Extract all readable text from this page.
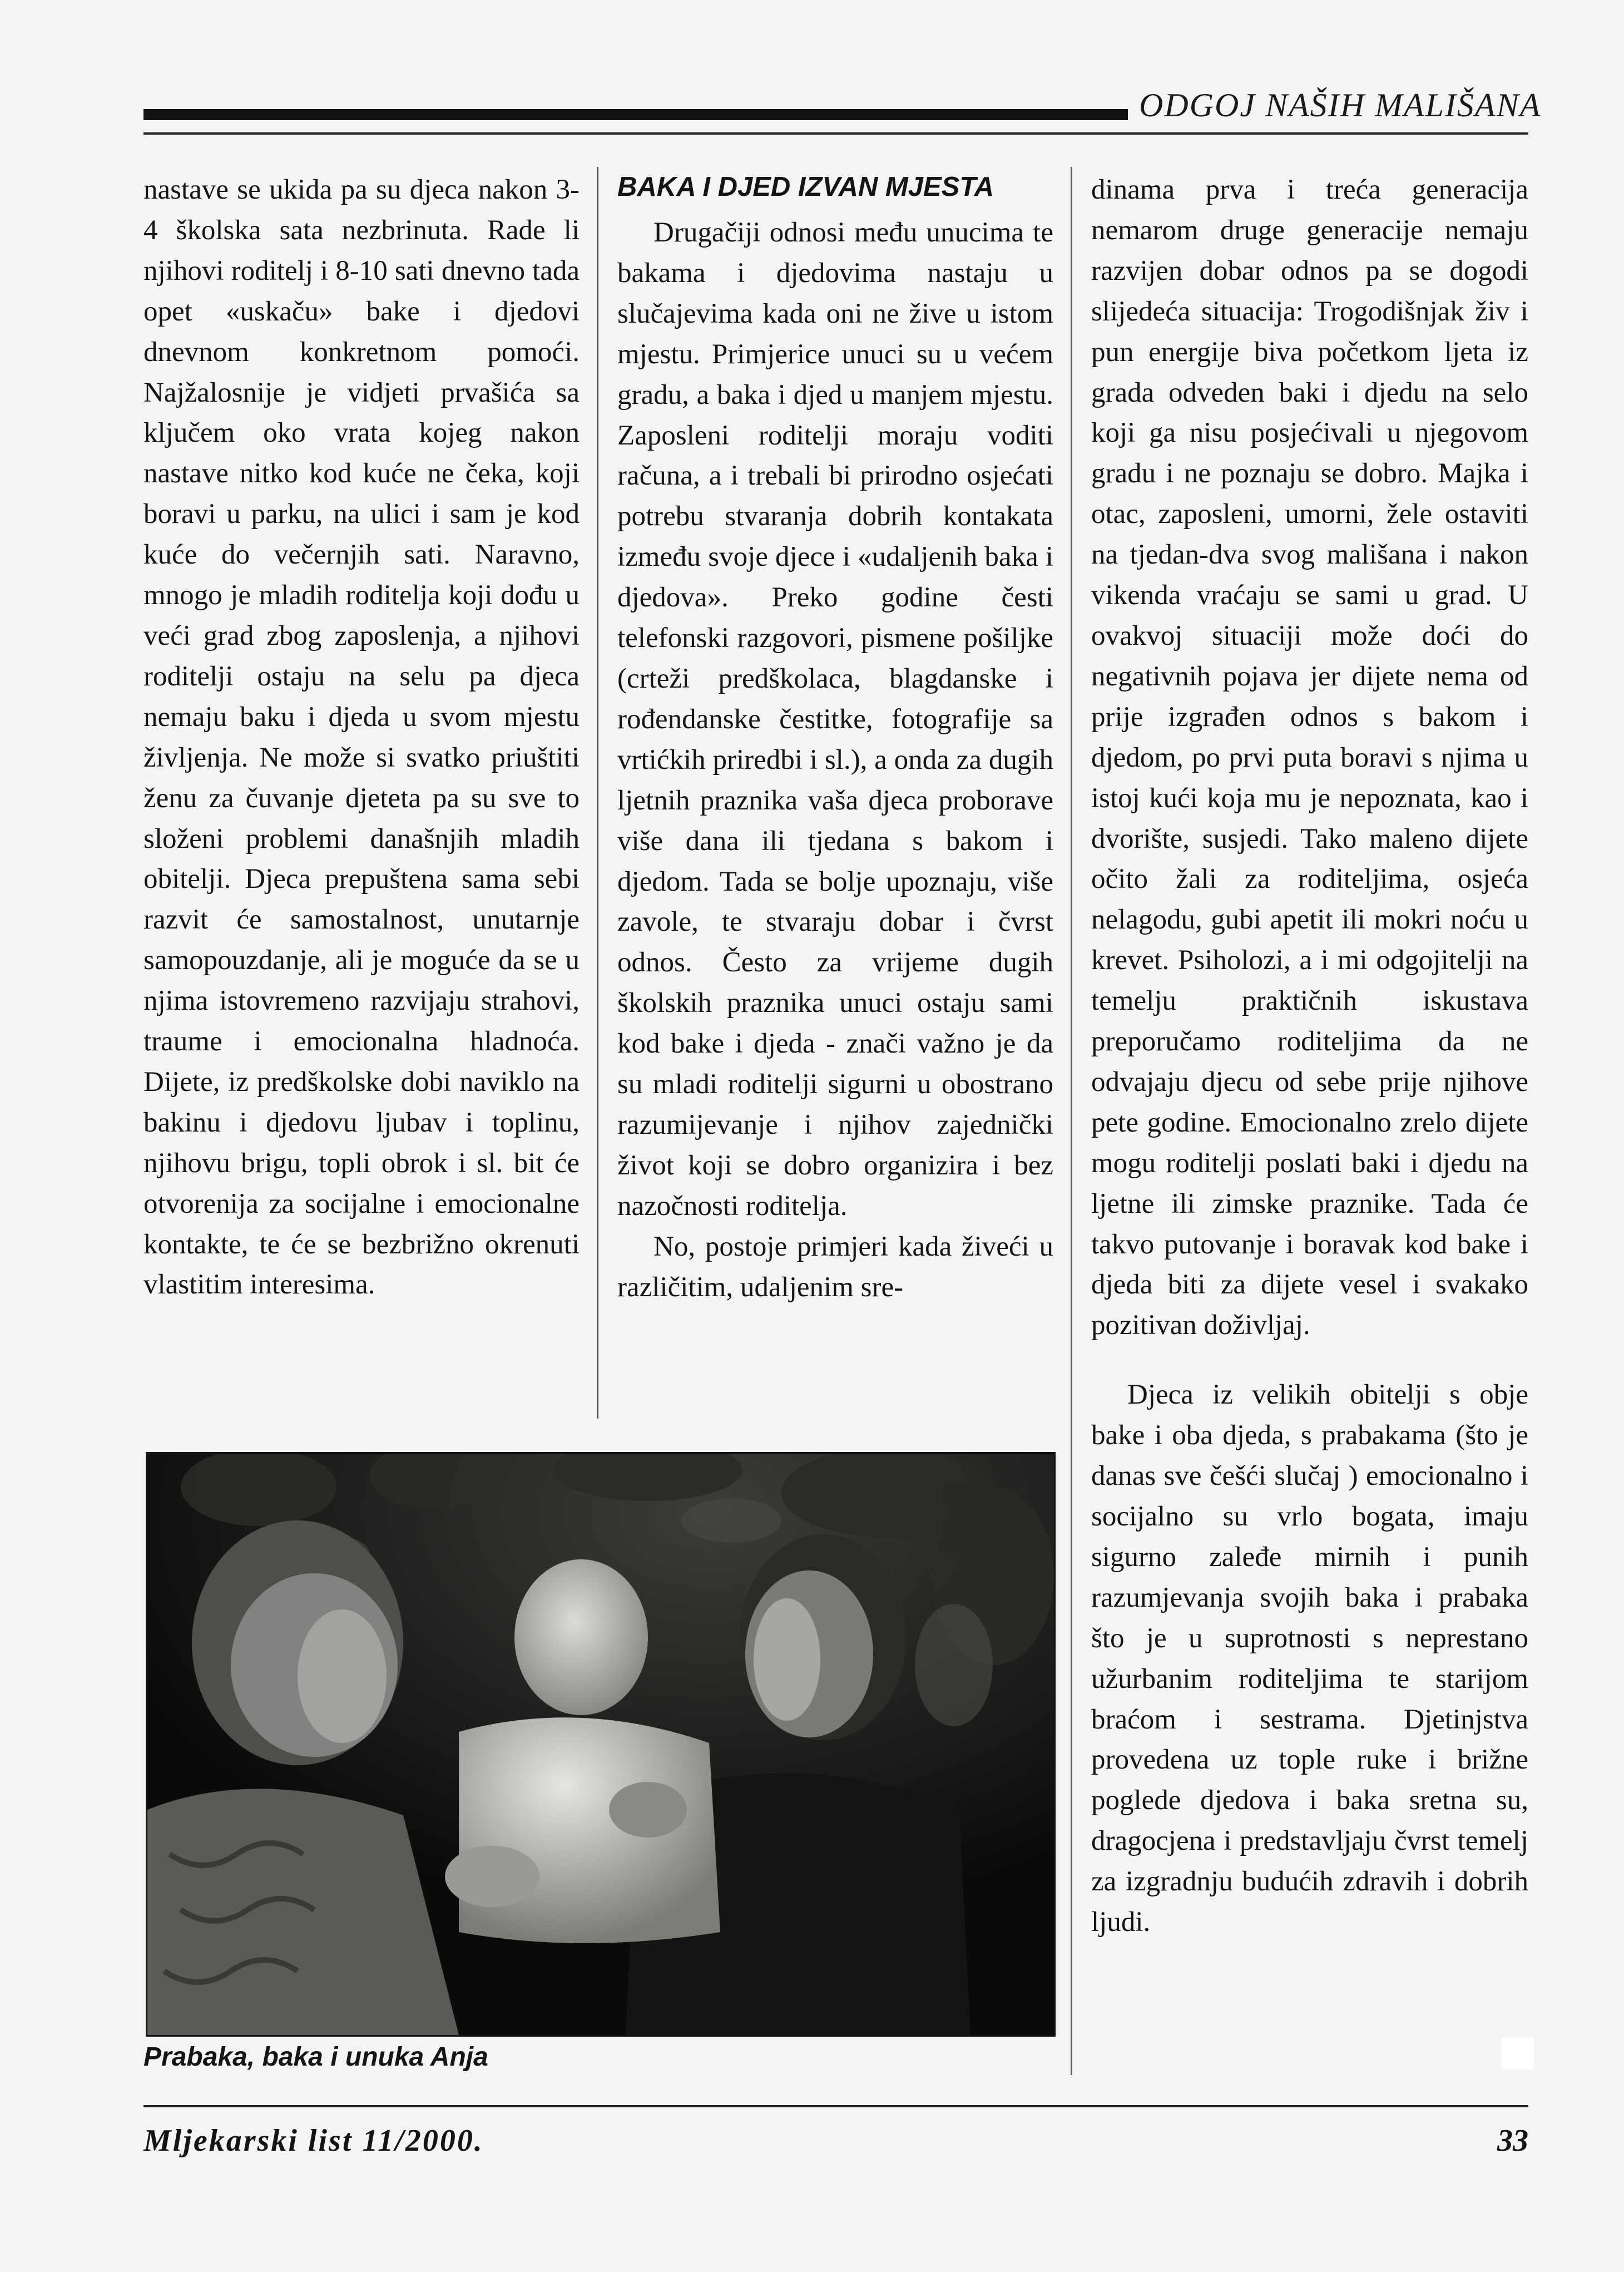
ODGOJ NAŠIH MALIŠANA

nastave se ukida pa su djeca nakon 3-4 školska sata nezbrinuta. Rade li njihovi roditelj i 8-10 sati dnevno tada opet «uskaču» bake i djedovi dnevnom konkretnom pomoći. Najžalosnije je vidjeti prvašića sa ključem oko vrata kojeg nakon nastave nitko kod kuće ne čeka, koji boravi u parku, na ulici i sam je kod kuće do večernjih sati. Naravno, mnogo je mladih roditelja koji dođu u veći grad zbog zaposlenja, a njihovi roditelji ostaju na selu pa djeca nemaju baku i djeda u svom mjestu življenja. Ne može si svatko priuštiti ženu za čuvanje djeteta pa su sve to složeni problemi današnjih mladih obitelji. Djeca prepuštena sama sebi razvit će samostalnost, unutarnje samopouzdanje, ali je moguće da se u njima istovremeno razvijaju strahovi, traume i emocionalna hladnoća. Dijete, iz predškolske dobi naviklo na bakinu i djedovu ljubav i toplinu, njihovu brigu, topli obrok i sl. bit će otvorenija za socijalne i emocionalne kontakte, te će se bezbrižno okrenuti vlastitim interesima.

BAKA I DJED IZVAN MJESTA

Drugačiji odnosi među unucima te bakama i djedovima nastaju u slučajevima kada oni ne žive u istom mjestu. Primjerice unuci su u većem gradu, a baka i djed u manjem mjestu. Zaposleni roditelji moraju voditi računa, a i trebali bi prirodno osjećati potrebu stvaranja dobrih kontakata između svoje djece i «udaljenih baka i djedova». Preko godine česti telefonski razgovori, pismene pošiljke (crteži predškolaca, blagdanske i rođendanske čestitke, fotografije sa vrtićkih priredbi i sl.), a onda za dugih ljetnih praznika vaša djeca proborave više dana ili tjedana s bakom i djedom. Tada se bolje upoznaju, više zavole, te stvaraju dobar i čvrst odnos. Često za vrijeme dugih školskih praznika unuci ostaju sami kod bake i djeda - znači važno je da su mladi roditelji sigurni u obostrano razumijevanje i njihov zajednički život koji se dobro organizira i bez nazočnosti roditelja.

No, postoje primjeri kada živeći u različitim, udaljenim sre-

dinama prva i treća generacija nemarom druge generacije nemaju razvijen dobar odnos pa se dogodi slijedeća situacija: Trogodišnjak živ i pun energije biva početkom ljeta iz grada odveden baki i djedu na selo koji ga nisu posjećivali u njegovom gradu i ne poznaju se dobro. Majka i otac, zaposleni, umorni, žele ostaviti na tjedan-dva svog mališana i nakon vikenda vraćaju se sami u grad. U ovakvoj situaciji može doći do negativnih pojava jer dijete nema od prije izgrađen odnos s bakom i djedom, po prvi puta boravi s njima u istoj kući koja mu je nepoznata, kao i dvorište, susjedi. Tako maleno dijete očito žali za roditeljima, osjeća nelagodu, gubi apetit ili mokri noću u krevet. Psiholozi, a i mi odgojitelji na temelju praktičnih iskustava preporučamo roditeljima da ne odvajaju djecu od sebe prije njihove pete godine. Emocionalno zrelo dijete mogu roditelji poslati baki i djedu na ljetne ili zimske praznike. Tada će takvo putovanje i boravak kod bake i djeda biti za dijete vesel i svakako pozitivan doživljaj.

Djeca iz velikih obitelji s obje bake i oba djeda, s prabakama (što je danas sve češći slučaj ) emocionalno i socijalno su vrlo bogata, imaju sigurno zaleđe mirnih i punih razumjevanja svojih baka i prabaka što je u suprotnosti s neprestano užurbanim roditeljima te starijom braćom i sestrama. Djetinjstva provedena uz tople ruke i brižne poglede djedova i baka sretna su, dragocjena i predstavljaju čvrst temelj za izgradnju budućih zdravih i dobrih ljudi.

Prabaka, baka i unuka Anja
Mljekarski list 11/2000.	33
